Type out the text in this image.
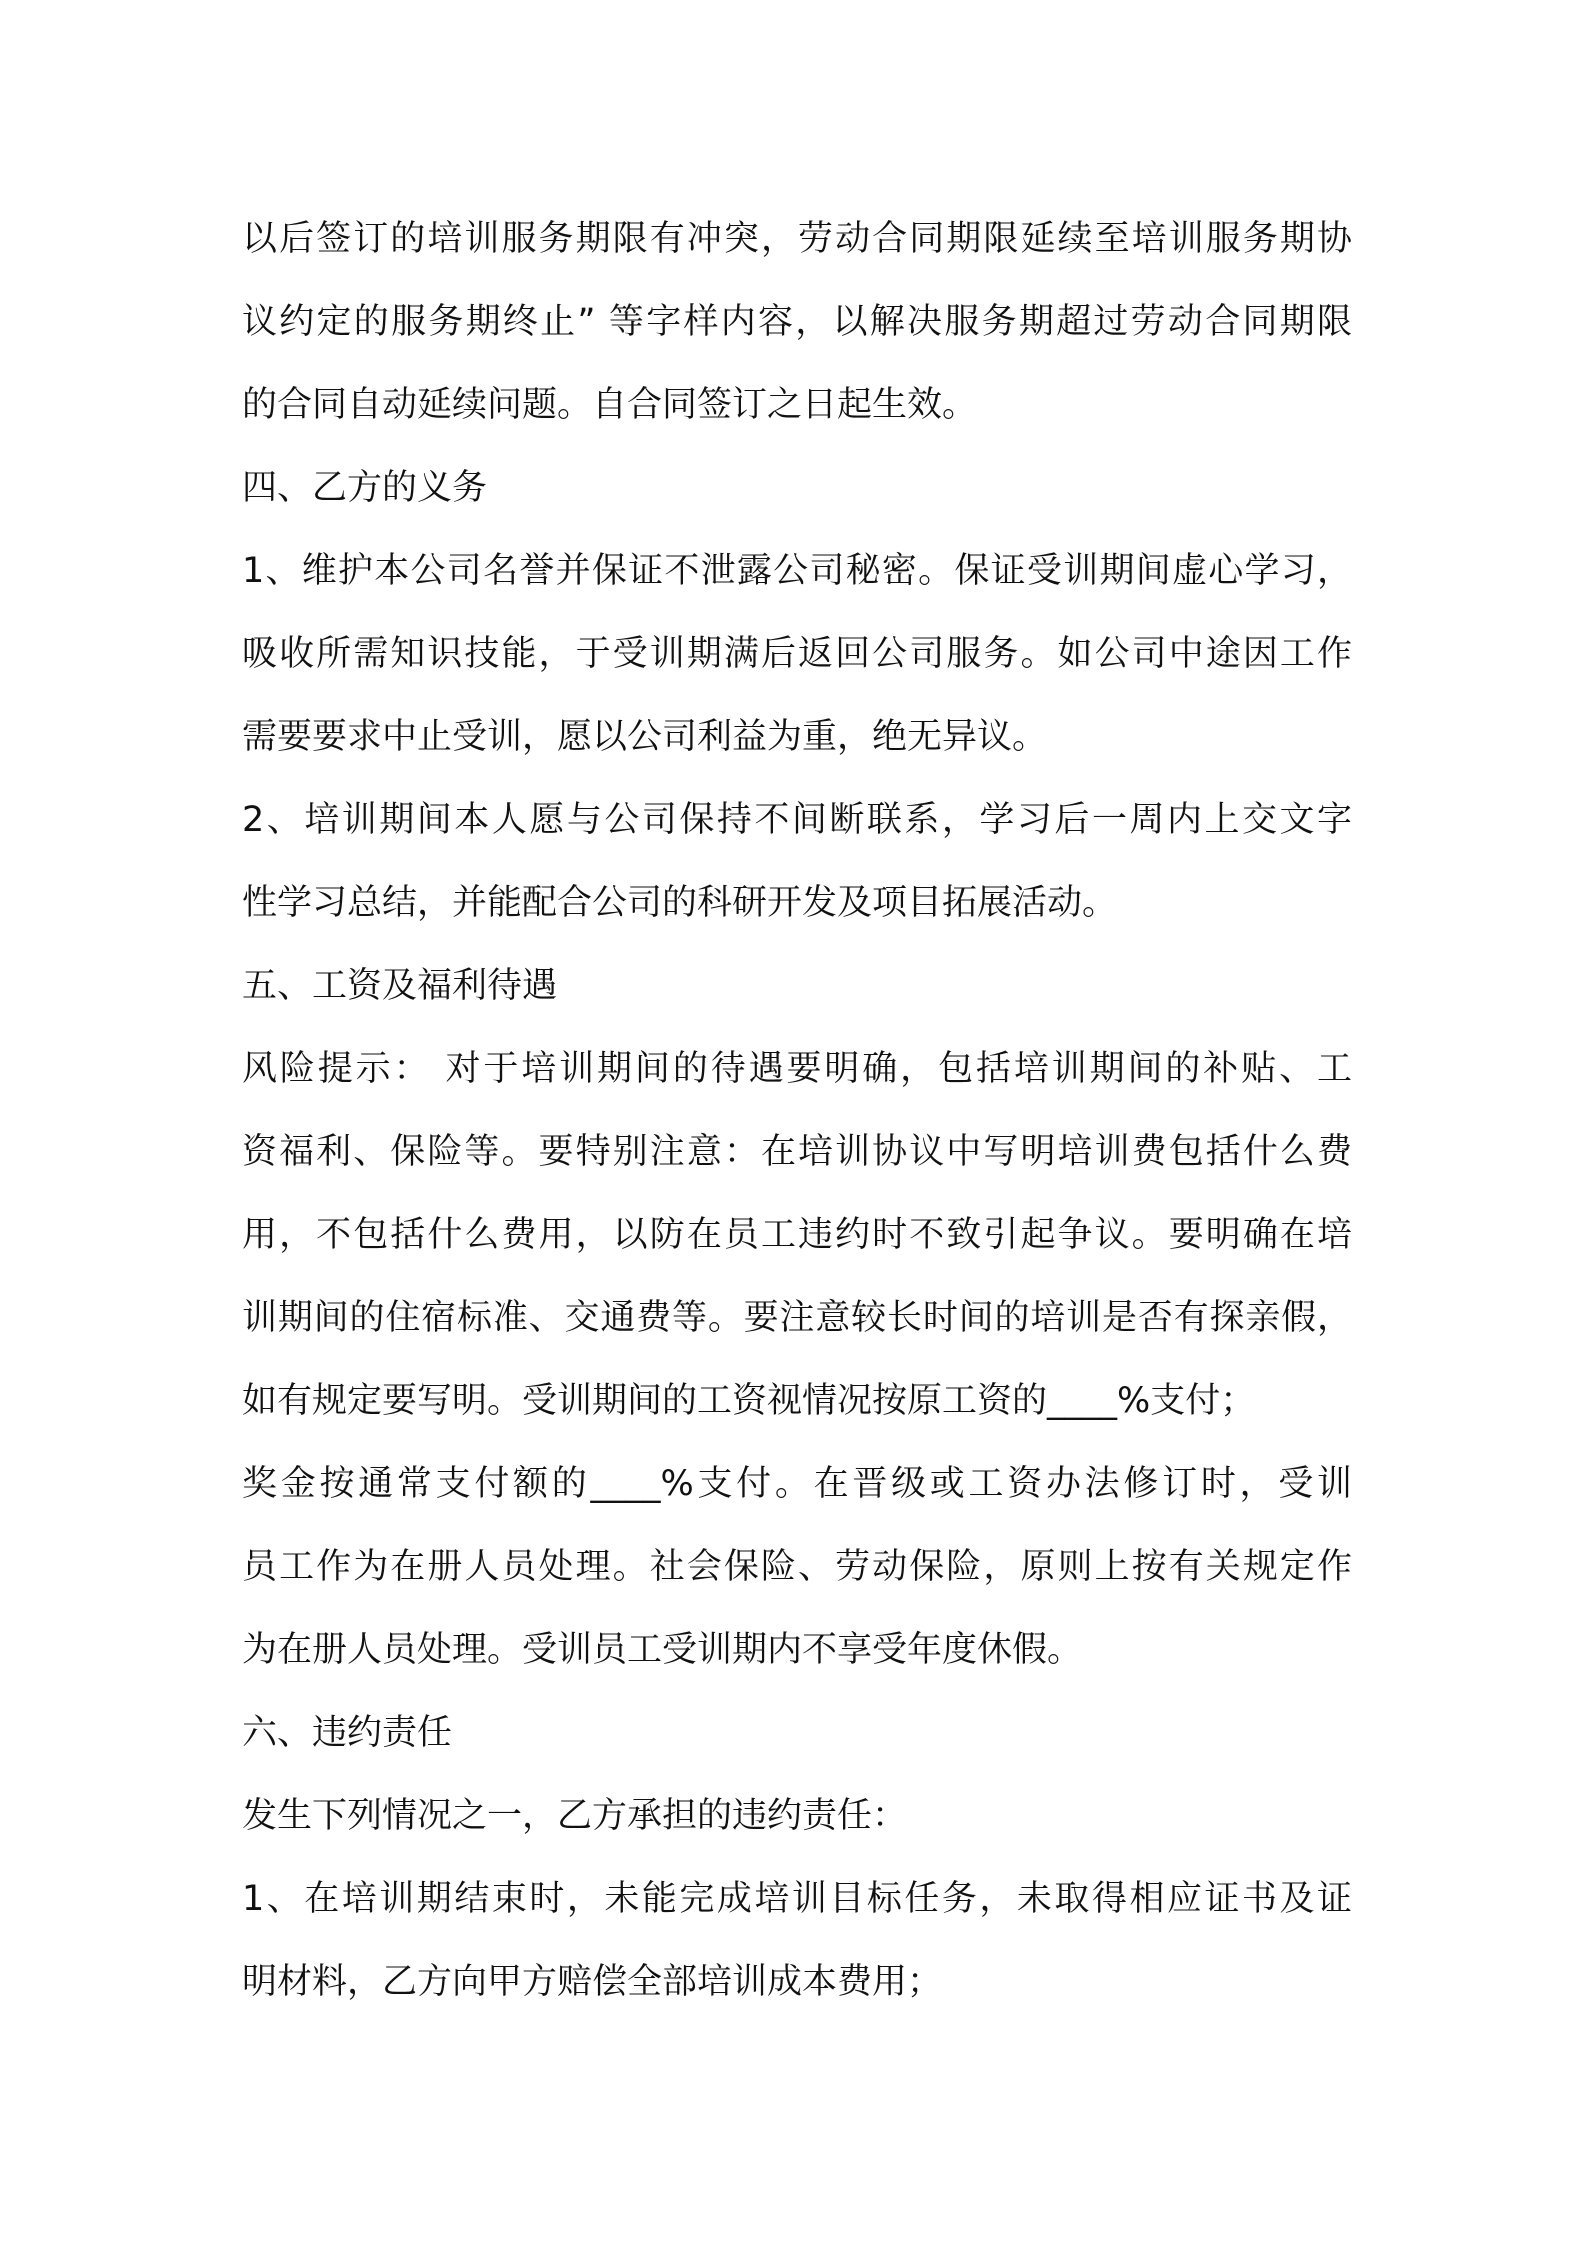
以后签订的培训服务期限有冲突，劳动合同期限延续至培训服务期协
议约定的服务期终止” 等字样内容，以解决服务期超过劳动合同期限
的合同自动延续问题。自合同签订之日起生效。
四、乙方的义务
1、维护本公司名誉并保证不泄露公司秘密。保证受训期间虚心学习，
吸收所需知识技能，于受训期满后返回公司服务。如公司中途因工作
需要要求中止受训，愿以公司利益为重，绝无异议。
2、培训期间本人愿与公司保持不间断联系，学习后一周内上交文字
性学习总结，并能配合公司的科研开发及项目拓展活动。
五、工资及福利待遇
风险提示： 对于培训期间的待遇要明确，包括培训期间的补贴、工
资福利、保险等。要特别注意：在培训协议中写明培训费包括什么费
用，不包括什么费用，以防在员工违约时不致引起争议。要明确在培
训期间的住宿标准、交通费等。要注意较长时间的培训是否有探亲假，
如有规定要写明。受训期间的工资视情况按原工资的____%支付；
奖金按通常支付额的____%支付。在晋级或工资办法修订时，受训
员工作为在册人员处理。社会保险、劳动保险，原则上按有关规定作
为在册人员处理。受训员工受训期内不享受年度休假。
六、违约责任
发生下列情况之一，乙方承担的违约责任：
1、在培训期结束时，未能完成培训目标任务，未取得相应证书及证
明材料，乙方向甲方赔偿全部培训成本费用；
